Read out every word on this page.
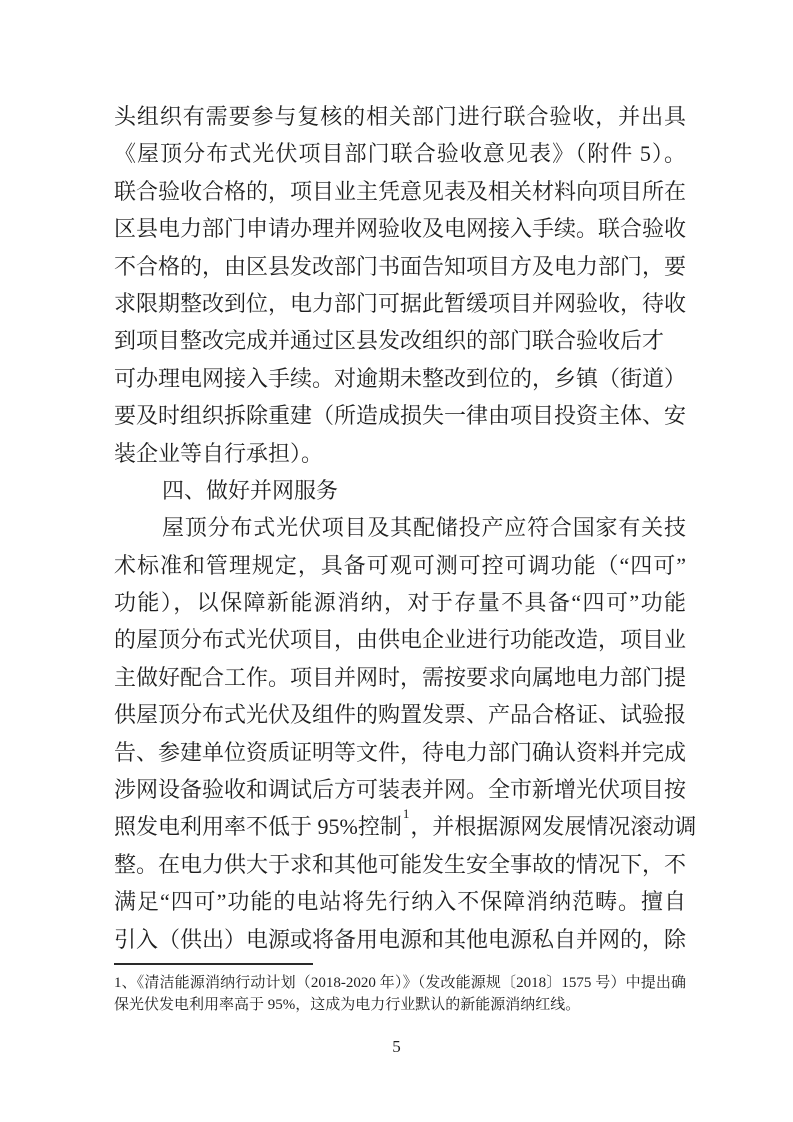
头组织有需要参与复核的相关部门进行联合验收，并出具
《屋顶分布式光伏项目部门联合验收意见表》（附件 5）。
联合验收合格的，项目业主凭意见表及相关材料向项目所在
区县电力部门申请办理并网验收及电网接入手续。联合验收
不合格的，由区县发改部门书面告知项目方及电力部门，要
求限期整改到位，电力部门可据此暂缓项目并网验收，待收
到项目整改完成并通过区县发改组织的部门联合验收后才
可办理电网接入手续。对逾期未整改到位的，乡镇（街道）
要及时组织拆除重建（所造成损失一律由项目投资主体、安
装企业等自行承担）。
四、做好并网服务
屋顶分布式光伏项目及其配储投产应符合国家有关技
术标准和管理规定，具备可观可测可控可调功能（“四可”
功能），以保障新能源消纳，对于存量不具备“四可”功能
的屋顶分布式光伏项目，由供电企业进行功能改造，项目业
主做好配合工作。项目并网时，需按要求向属地电力部门提
供屋顶分布式光伏及组件的购置发票、产品合格证、试验报
告、参建单位资质证明等文件，待电力部门确认资料并完成
涉网设备验收和调试后方可装表并网。全市新增光伏项目按
照发电利用率不低于 95%控制$^1$，并根据源网发展情况滚动调
整。在电力供大于求和其他可能发生安全事故的情况下，不
满足“四可”功能的电站将先行纳入不保障消纳范畴。擅自
引入（供出）电源或将备用电源和其他电源私自并网的，除
1、《清洁能源消纳行动计划（2018-2020 年）》（发改能源规〔2018〕1575 号）中提出确
保光伏发电利用率高于 95%，这成为电力行业默认的新能源消纳红线。
5
